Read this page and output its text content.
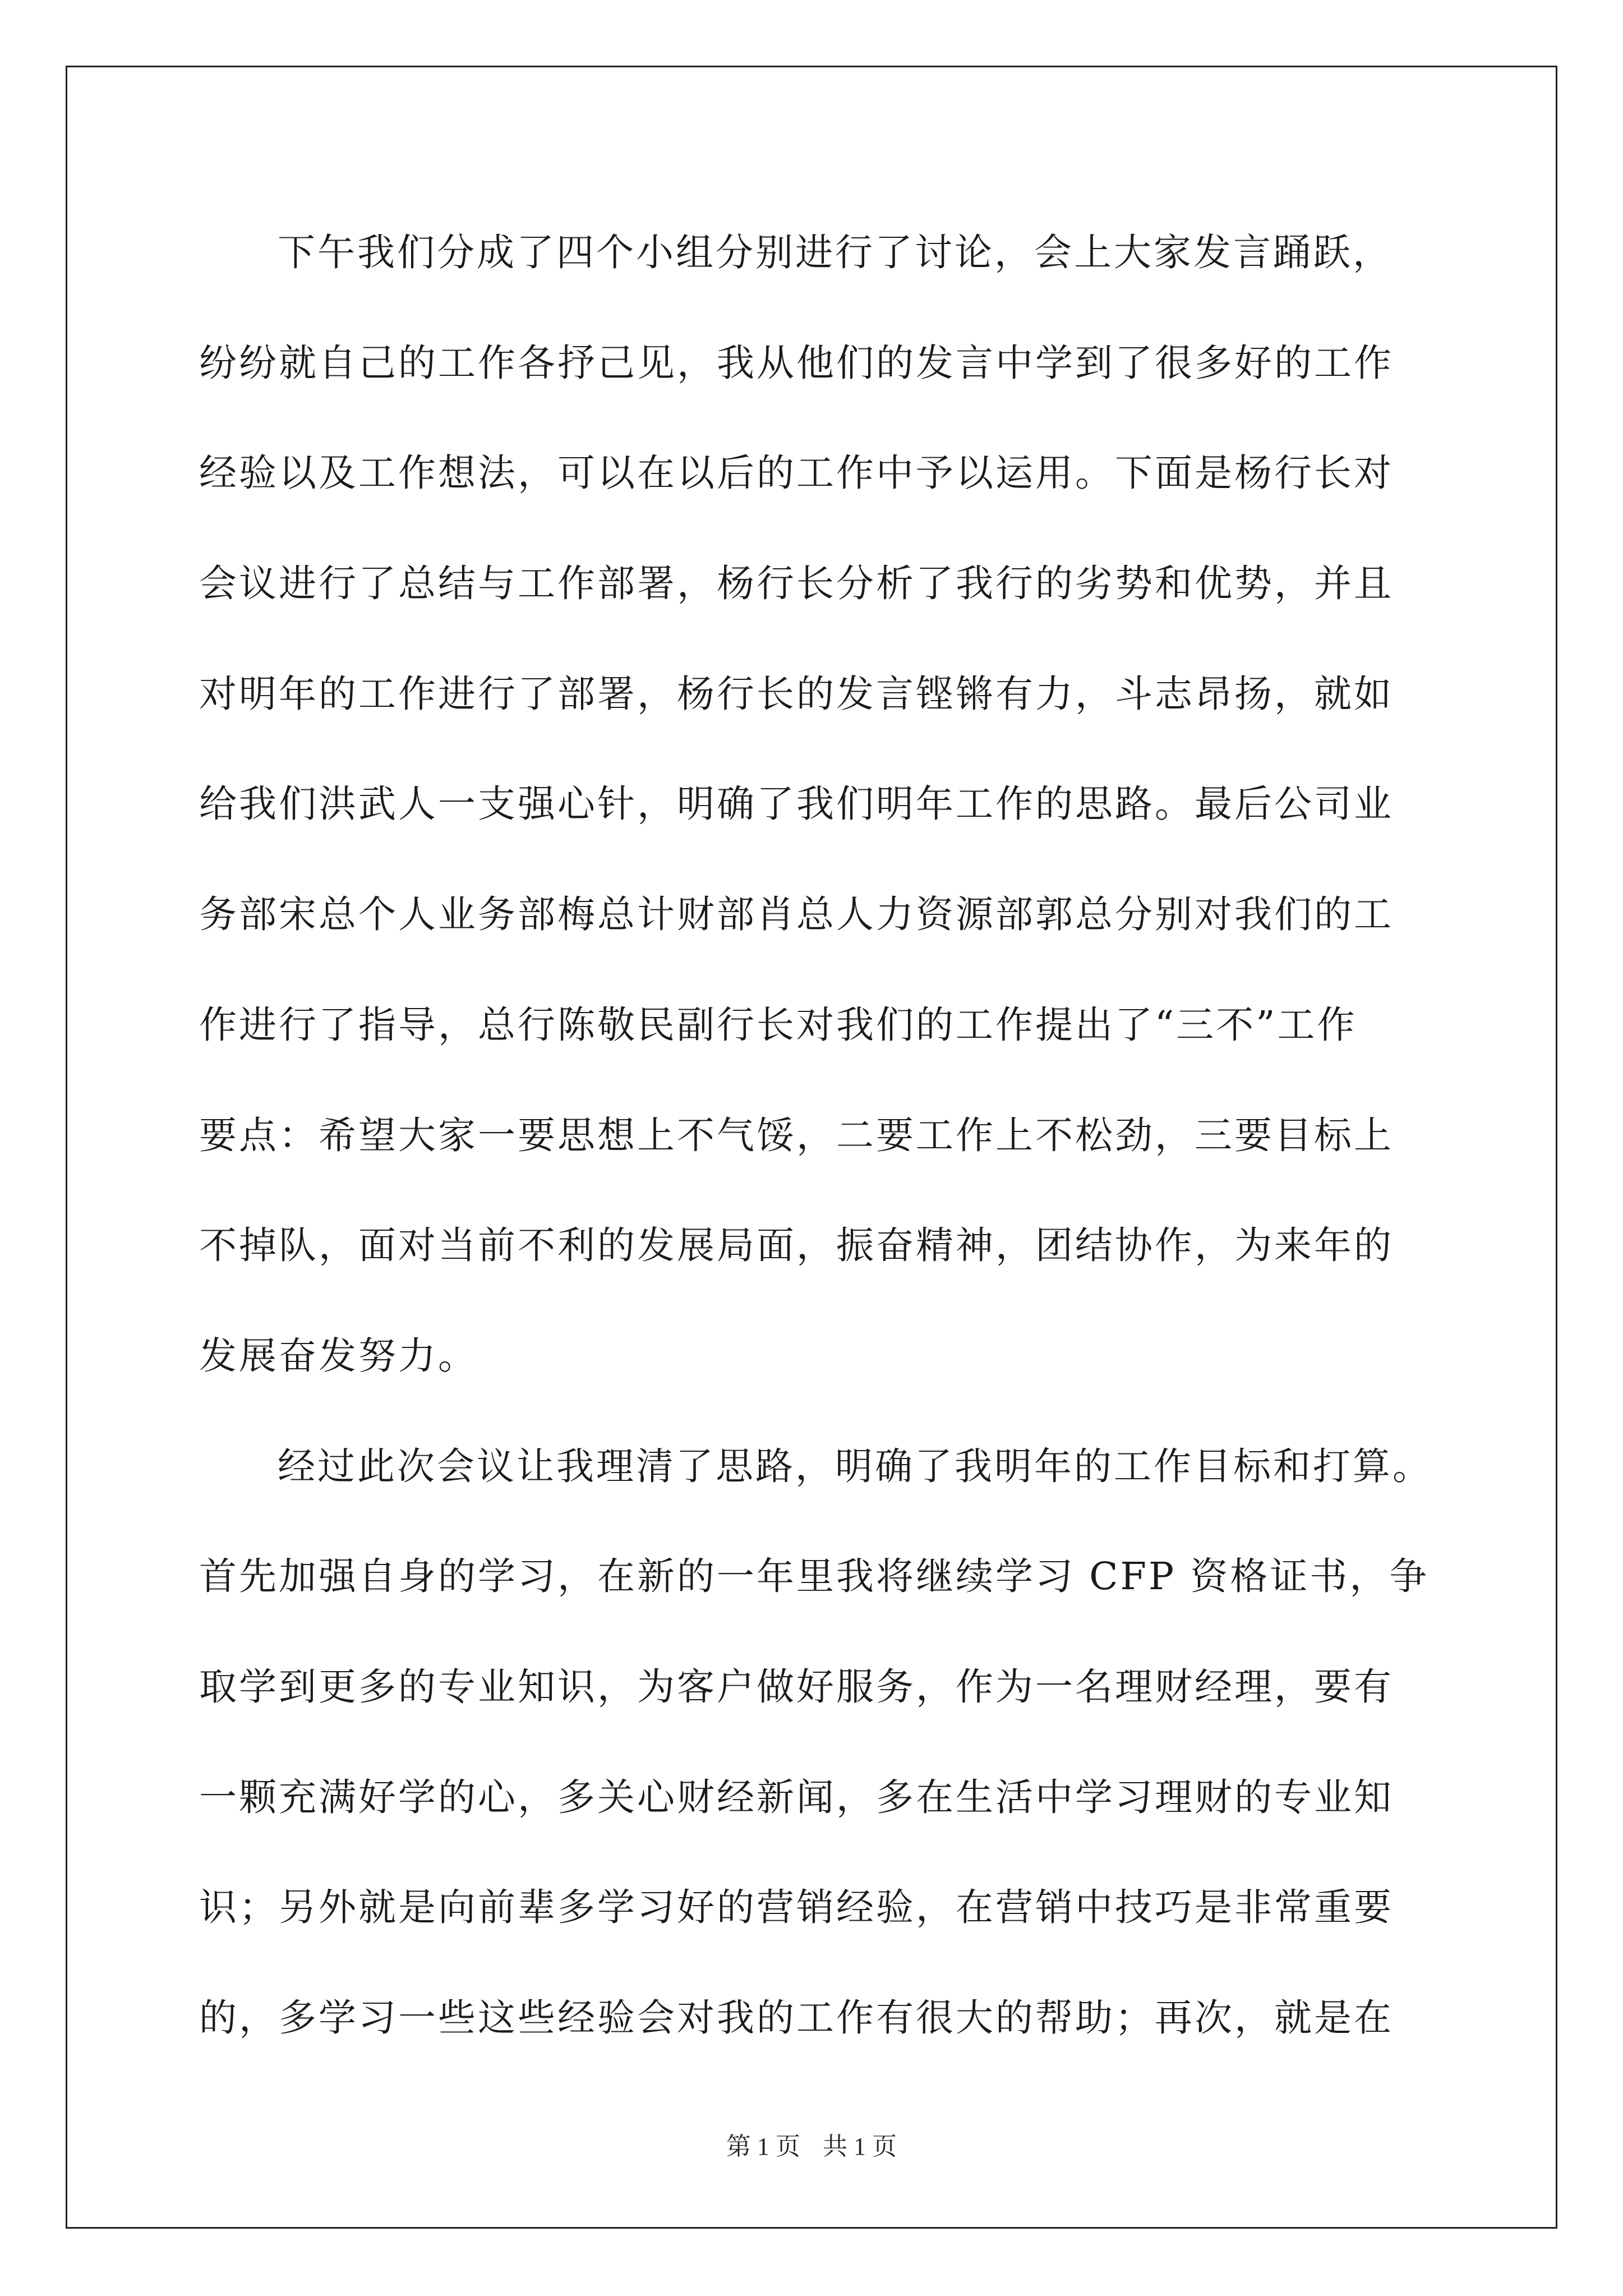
下午我们分成了四个小组分别进行了讨论，会上大家发言踊跃，
纷纷就自己的工作各抒己见，我从他们的发言中学到了很多好的工作
经验以及工作想法，可以在以后的工作中予以运用。下面是杨行长对
会议进行了总结与工作部署，杨行长分析了我行的劣势和优势，并且
对明年的工作进行了部署，杨行长的发言铿锵有力，斗志昂扬，就如
给我们洪武人一支强心针，明确了我们明年工作的思路。最后公司业
务部宋总个人业务部梅总计财部肖总人力资源部郭总分别对我们的工
作进行了指导，总行陈敬民副行长对我们的工作提出了“三不”工作
要点：希望大家一要思想上不气馁，二要工作上不松劲，三要目标上
不掉队，面对当前不利的发展局面，振奋精神，团结协作，为来年的
发展奋发努力。
经过此次会议让我理清了思路，明确了我明年的工作目标和打算。
首先加强自身的学习，在新的一年里我将继续学习 CFP 资格证书，争
取学到更多的专业知识，为客户做好服务，作为一名理财经理，要有
一颗充满好学的心，多关心财经新闻，多在生活中学习理财的专业知
识；另外就是向前辈多学习好的营销经验，在营销中技巧是非常重要
的，多学习一些这些经验会对我的工作有很大的帮助；再次，就是在
第 1 页 共 1 页
